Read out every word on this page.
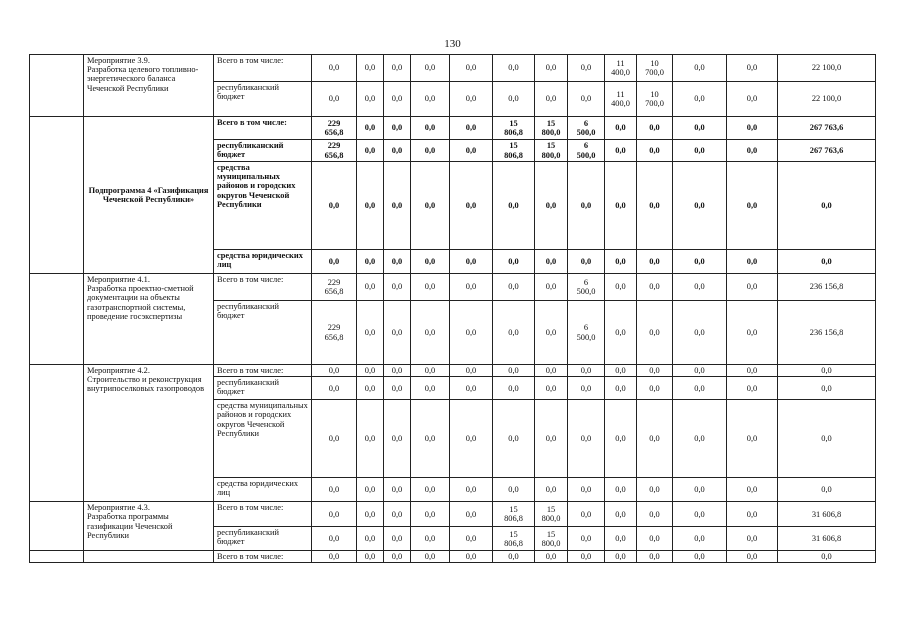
130
	Мероприятие 3.9.
Разработка целевого топливно-энергетического баланса Чеченской Республики	Всего в том числе:	0,0	0,0	0,0	0,0	0,0	0,0	0,0	0,0	11
400,0	10
700,0	0,0	0,0	22 100,0
		республиканский бюджет	0,0	0,0	0,0	0,0	0,0	0,0	0,0	0,0	11
400,0	10
700,0	0,0	0,0	22 100,0
	Подпрограмма 4 «Газификация Чеченской Республики»	Всего в том числе:	229
656,8	0,0	0,0	0,0	0,0	15
806,8	15
800,0	6
500,0	0,0	0,0	0,0	0,0	267 763,6
		республиканский бюджет	229
656,8	0,0	0,0	0,0	0,0	15
806,8	15
800,0	6
500,0	0,0	0,0	0,0	0,0	267 763,6
		средства муниципальных районов и городских округов Чеченской Республики	0,0	0,0	0,0	0,0	0,0	0,0	0,0	0,0	0,0	0,0	0,0	0,0	0,0
		средства юридических лиц	0,0	0,0	0,0	0,0	0,0	0,0	0,0	0,0	0,0	0,0	0,0	0,0	0,0
	Мероприятие 4.1.
Разработка проектно-сметной документации на объекты газотранспортной системы, проведение госэкспертизы	Всего в том числе:	229
656,8	0,0	0,0	0,0	0,0	0,0	0,0	6
500,0	0,0	0,0	0,0	0,0	236 156,8
		республиканский бюджет	229
656,8	0,0	0,0	0,0	0,0	0,0	0,0	6
500,0	0,0	0,0	0,0	0,0	236 156,8
	Мероприятие 4.2.
Строительство и реконструкция внутрипоселковых газопроводов	Всего в том числе:	0,0	0,0	0,0	0,0	0,0	0,0	0,0	0,0	0,0	0,0	0,0	0,0	0,0
		республиканский бюджет	0,0	0,0	0,0	0,0	0,0	0,0	0,0	0,0	0,0	0,0	0,0	0,0	0,0
		средства муниципальных районов и городских округов Чеченской Республики	0,0	0,0	0,0	0,0	0,0	0,0	0,0	0,0	0,0	0,0	0,0	0,0	0,0
		средства юридических лиц	0,0	0,0	0,0	0,0	0,0	0,0	0,0	0,0	0,0	0,0	0,0	0,0	0,0
	Мероприятие 4.3.
Разработка программы газификации Чеченской Республики	Всего в том числе:	0,0	0,0	0,0	0,0	0,0	15
806,8	15
800,0	0,0	0,0	0,0	0,0	0,0	31 606,8
		республиканский бюджет	0,0	0,0	0,0	0,0	0,0	15
806,8	15
800,0	0,0	0,0	0,0	0,0	0,0	31 606,8
		Всего в том числе:	0,0	0,0	0,0	0,0	0,0	0,0	0,0	0,0	0,0	0,0	0,0	0,0	0,0
